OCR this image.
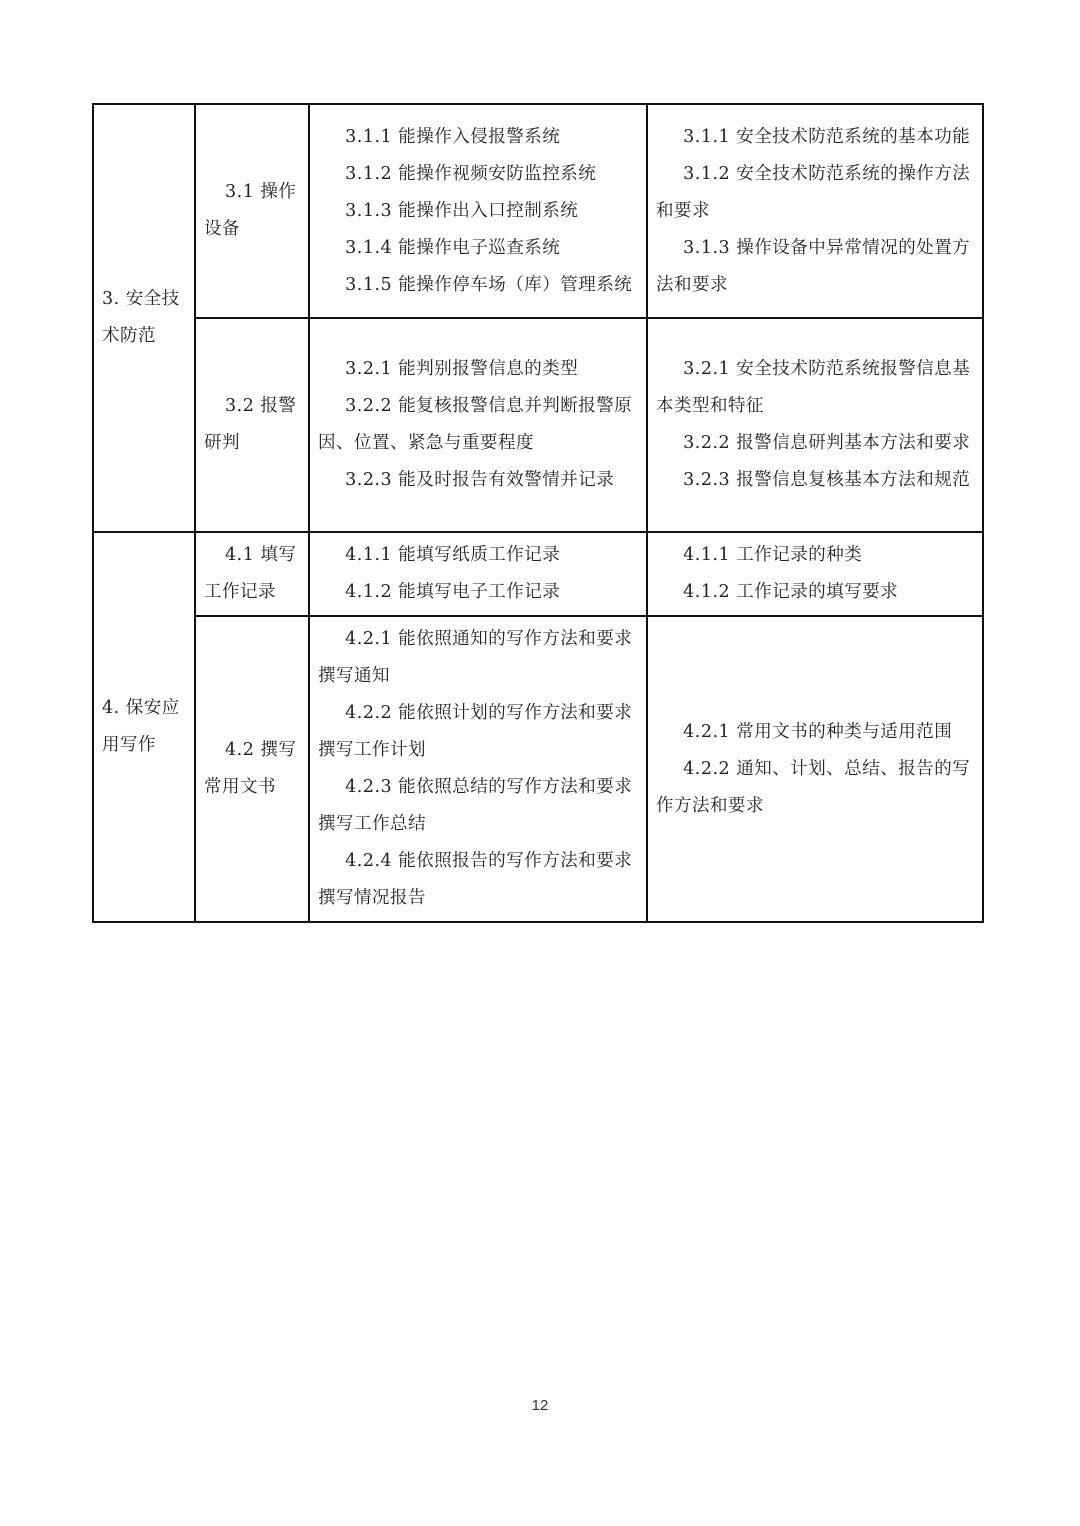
3. 安全技术防范	3.1 操作设备	3.1.1 能操作入侵报警系统
3.1.2 能操作视频安防监控系统
3.1.3 能操作出入口控制系统
3.1.4 能操作电子巡查系统
3.1.5 能操作停车场（库）管理系统	3.1.1 安全技术防范系统的基本功能
3.1.2 安全技术防范系统的操作方法和要求
3.1.3 操作设备中异常情况的处置方法和要求

	3.2 报警研判	3.2.1 能判别报警信息的类型
3.2.2 能复核报警信息并判断报警原因、位置、紧急与重要程度
3.2.3 能及时报告有效警情并记录	3.2.1 安全技术防范系统报警信息基本类型和特征
3.2.2 报警信息研判基本方法和要求
3.2.3 报警信息复核基本方法和规范

4. 保安应用写作	4.1 填写工作记录	4.1.1 能填写纸质工作记录
4.1.2 能填写电子工作记录	4.1.1 工作记录的种类
4.1.2 工作记录的填写要求

	4.2 撰写常用文书	4.2.1 能依照通知的写作方法和要求撰写通知
4.2.2 能依照计划的写作方法和要求撰写工作计划
4.2.3 能依照总结的写作方法和要求撰写工作总结
4.2.4 能依照报告的写作方法和要求撰写情况报告	4.2.1 常用文书的种类与适用范围
4.2.2 通知、计划、总结、报告的写作方法和要求
12
